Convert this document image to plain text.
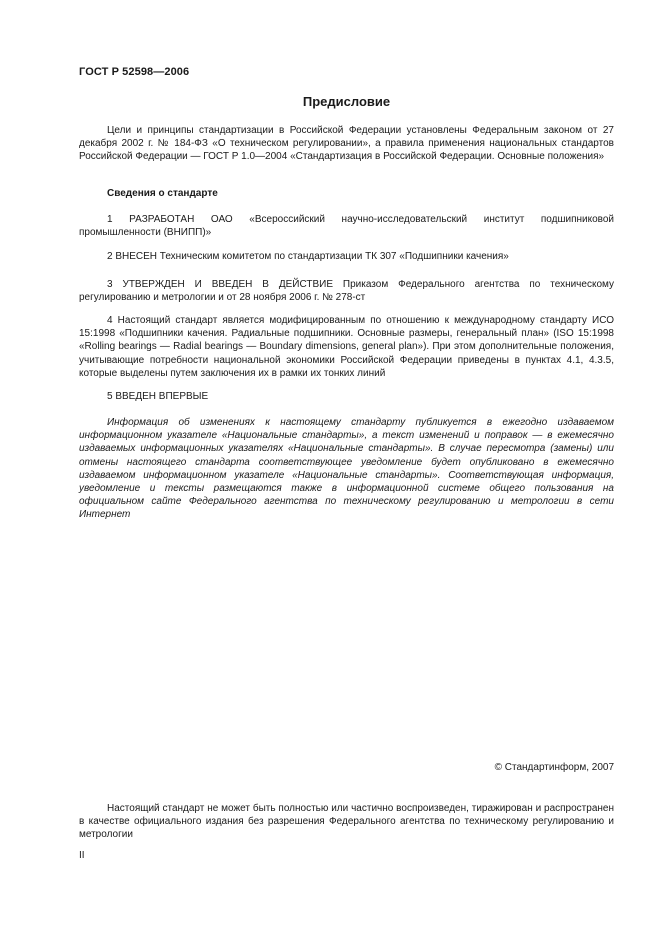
ГОСТ Р 52598—2006
Предисловие

Цели и принципы стандартизации в Российской Федерации установлены Федеральным законом от 27 декабря 2002 г. № 184-ФЗ «О техническом регулировании», а правила применения национальных стандартов Российской Федерации — ГОСТ Р 1.0—2004 «Стандартизация в Российской Федерации. Основные положения»

Сведения о стандарте

1 РАЗРАБОТАН ОАО «Всероссийский научно-исследовательский институт подшипниковой промышленности (ВНИПП)»

2 ВНЕСЕН Техническим комитетом по стандартизации ТК 307 «Подшипники качения»

3 УТВЕРЖДЕН И ВВЕДЕН В ДЕЙСТВИЕ Приказом Федерального агентства по техническому регулированию и метрологии и от 28 ноября 2006 г. № 278-ст

4 Настоящий стандарт является модифицированным по отношению к международному стандарту ИСО 15:1998 «Подшипники качения. Радиальные подшипники. Основные размеры, генеральный план» (ISO 15:1998 «Rolling bearings — Radial bearings — Boundary dimensions, general plan»). При этом дополнительные положения, учитывающие потребности национальной экономики Российской Федерации приведены в пунктах 4.1, 4.3.5, которые выделены путем заключения их в рамки их тонких линий

5 ВВЕДЕН ВПЕРВЫЕ

Информация об изменениях к настоящему стандарту публикуется в ежегодно издаваемом информационном указателе «Национальные стандарты», а текст изменений и поправок — в ежемесячно издаваемых информационных указателях «Национальные стандарты». В случае пересмотра (замены) или отмены настоящего стандарта соответствующее уведомление будет опубликовано в ежемесячно издаваемом информационном указателе «Национальные стандарты». Соответствующая информация, уведомление и тексты размещаются также в информационной системе общего пользования на официальном сайте Федерального агентства по техническому регулированию и метрологии в сети Интернет

© Стандартинформ, 2007

Настоящий стандарт не может быть полностью или частично воспроизведен, тиражирован и распространен в качестве официального издания без разрешения Федерального агентства по техническому регулированию и метрологии

II
